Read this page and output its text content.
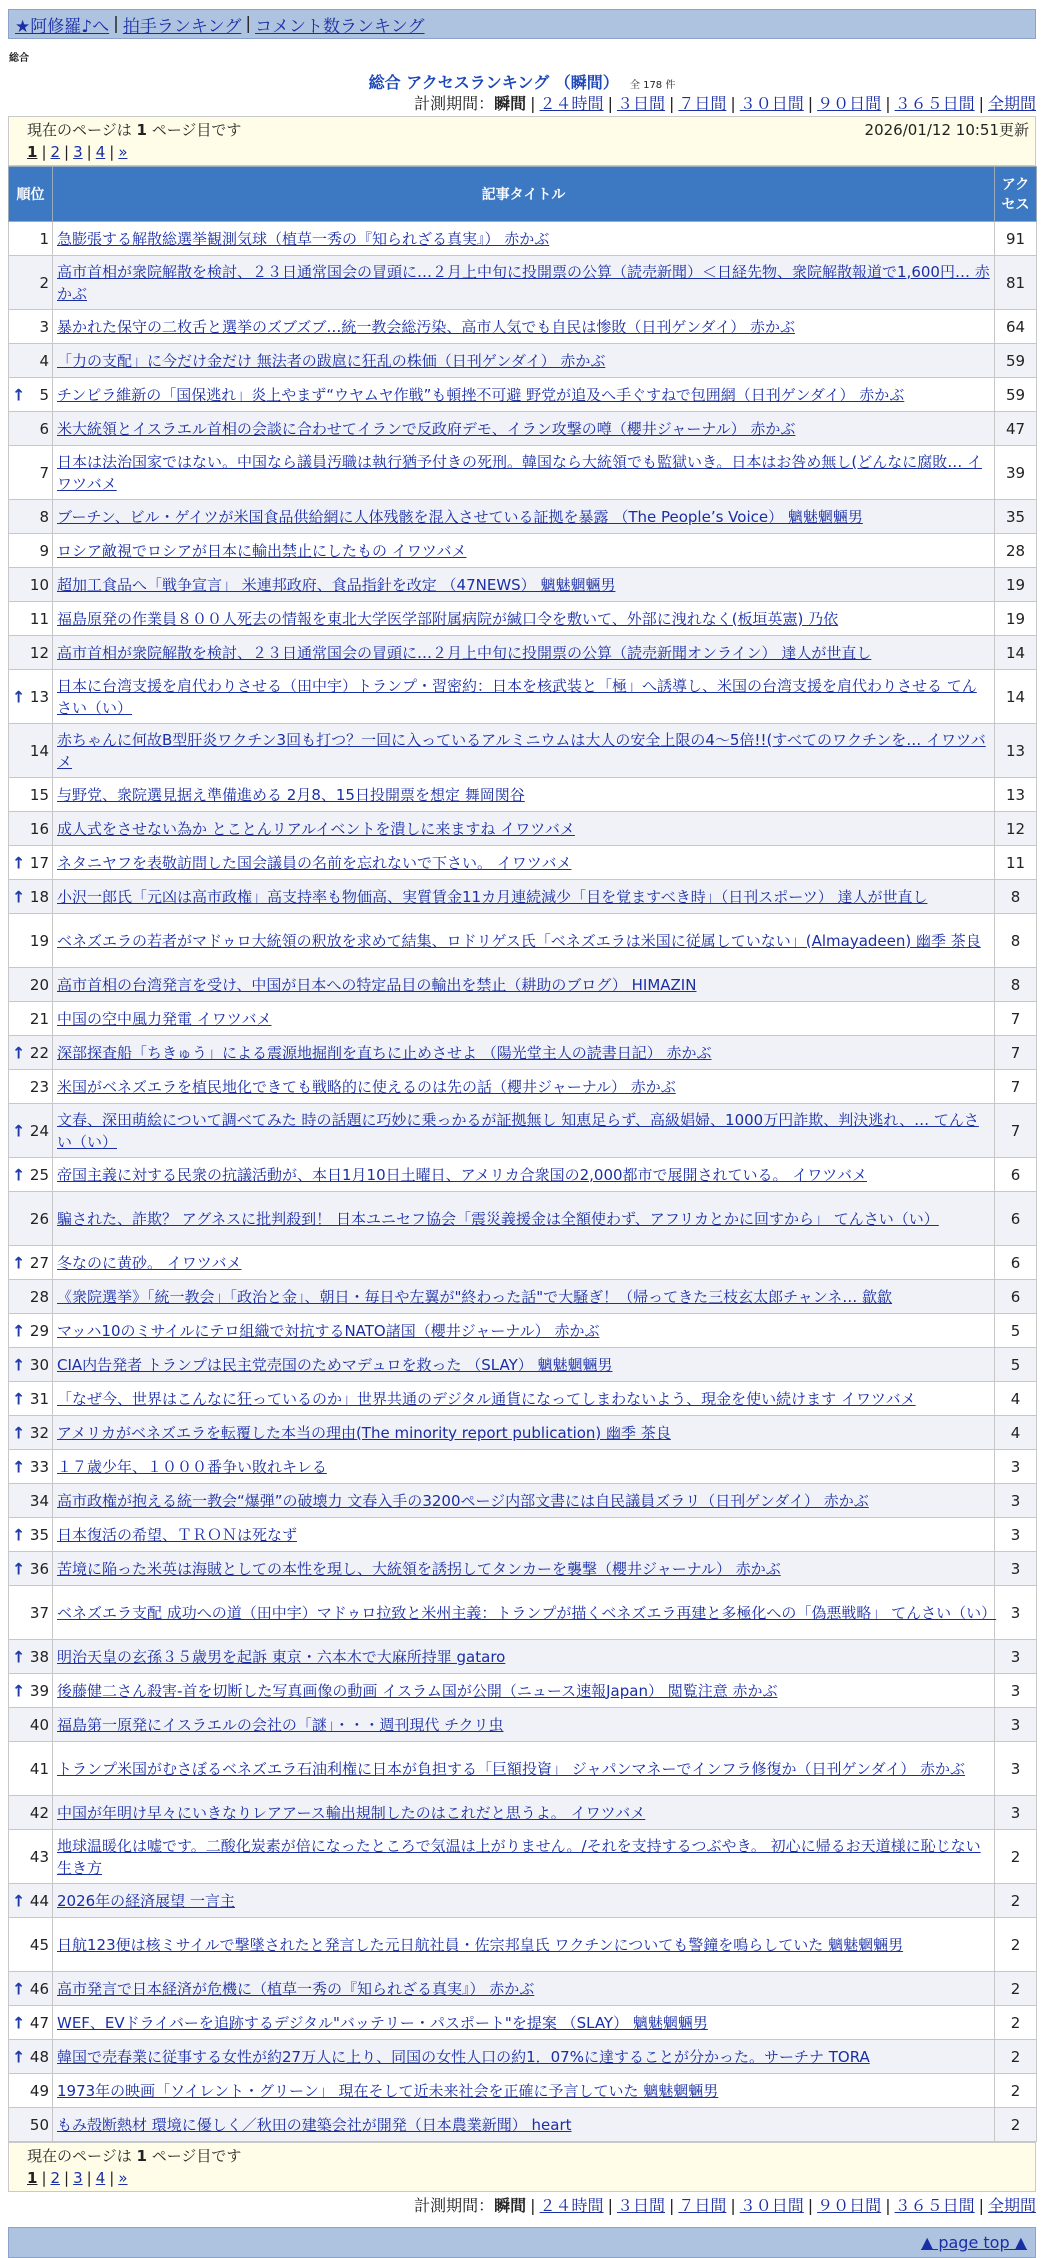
★阿修羅♪へ | 拍手ランキング | コメント数ランキング
総合
総合 アクセスランキング （瞬間） 全 178 件
計測期間：瞬間 | ２４時間 | ３日間 | ７日間 | ３０日間 | ９０日間 | ３６５日間 | 全期間
現在のページは 1 ページ目です	2026/01/12 10:51更新
1 | 2 | 3 | 4 | »
順位	記事タイトル	アクセス
1	急膨張する解散総選挙観測気球（植草一秀の『知られざる真実』） 赤かぶ	91
2	高市首相が衆院解散を検討、２３日通常国会の冒頭に…２月上中旬に投開票の公算（読売新聞）＜日経先物、衆院解散報道で1,600円… 赤かぶ	81
3	暴かれた保守の二枚舌と選挙のズブズブ…統一教会総汚染、高市人気でも自民は惨敗（日刊ゲンダイ） 赤かぶ	64
4	「力の支配」に今だけ金だけ 無法者の跋扈に狂乱の株価（日刊ゲンダイ） 赤かぶ	59

↑ 5	チンピラ維新の「国保逃れ」炎上やまず“ウヤムヤ作戦”も頓挫不可避 野党が追及へ手ぐすねで包囲網（日刊ゲンダイ） 赤かぶ	59
6	米大統領とイスラエル首相の会談に合わせてイランで反政府デモ、イラン攻撃の噂（櫻井ジャーナル） 赤かぶ	47
7	日本は法治国家ではない。中国なら議員汚職は執行猶予付きの死刑。韓国なら大統領でも監獄いき。日本はお咎め無し(どんなに腐敗… イワツバメ	39
8	ブーチン、ビル・ゲイツが米国食品供給網に人体残骸を混入させている証拠を暴露 （The People’s Voice） 魑魅魍魎男	35
9	ロシア敵視でロシアが日本に輸出禁止にしたもの イワツバメ	28
10	超加工食品へ「戦争宣言」 米連邦政府、食品指針を改定 （47NEWS） 魑魅魍魎男	19
11	福島原発の作業員８００人死去の情報を東北大学医学部附属病院が緘口令を敷いて、外部に洩れなく(板垣英憲) 乃依	19
12	高市首相が衆院解散を検討、２３日通常国会の冒頭に…２月上中旬に投開票の公算（読売新聞オンライン） 達人が世直し	14

↑ 13	日本に台湾支援を肩代わりさせる（田中宇）トランプ・習密約：日本を核武装と「極」へ誘導し、米国の台湾支援を肩代わりさせる てんさい（い）	14
14	赤ちゃんに何故B型肝炎ワクチン3回も打つ？一回に入っているアルミニウムは大人の安全上限の4～5倍!!(すべてのワクチンを… イワツバメ	13
15	与野党、衆院選見据え準備進める 2月8、15日投開票を想定 舞岡関谷	13
16	成人式をさせない為か とことんリアルイベントを潰しに来ますね イワツバメ	12

↑ 17	ネタニヤフを表敬訪問した国会議員の名前を忘れないで下さい。 イワツバメ	11

↑ 18	小沢一郎氏「元凶は高市政権」高支持率も物価高、実質賃金11カ月連続減少「目を覚ますべき時」（日刊スポーツ） 達人が世直し	8
19	ベネズエラの若者がマドゥロ大統領の釈放を求めて結集、ロドリゲス氏「ベネズエラは米国に従属していない」(Almayadeen) 幽季 茶良	8
20	高市首相の台湾発言を受け、中国が日本への特定品目の輸出を禁止（耕助のブログ） HIMAZIN	8
21	中国の空中風力発電 イワツバメ	7

↑ 22	深部探査船「ちきゅう」による震源地掘削を直ちに止めさせよ （陽光堂主人の読書日記） 赤かぶ	7
23	米国がベネズエラを植民地化できても戦略的に使えるのは先の話（櫻井ジャーナル） 赤かぶ	7

↑ 24	文春、深田萌絵について調べてみた 時の話題に巧妙に乗っかるが証拠無し 知恵足らず、高級娼婦、1000万円詐欺、判決逃れ、… てんさい（い）	7

↑ 25	帝国主義に対する民衆の抗議活動が、本日1月10日土曜日、アメリカ合衆国の2,000都市で展開されている。 イワツバメ	6
26	騙された、詐欺？ アグネスに批判殺到！ 日本ユニセフ協会「震災義援金は全額使わず、アフリカとかに回すから」 てんさい（い）	6

↑ 27	冬なのに黄砂。 イワツバメ	6
28	《衆院選挙》「統一教会」「政治と金」、朝日・毎日や左翼が"終わった話"で大騒ぎ！（帰ってきた三枝玄太郎チャンネ… 歙歙	6

↑ 29	マッハ10のミサイルにテロ組織で対抗するNATO諸国（櫻井ジャーナル） 赤かぶ	5

↑ 30	CIA内告発者 トランプは民主党売国のためマデュロを救った （SLAY） 魑魅魍魎男	5

↑ 31	「なぜ今、世界はこんなに狂っているのか」世界共通のデジタル通貨になってしまわないよう、現金を使い続けます イワツバメ	4

↑ 32	アメリカがベネズエラを転覆した本当の理由(The minority report publication) 幽季 茶良	4

↑ 33	１７歳少年、１０００番争い敗れキレる	3
34	高市政権が抱える統一教会“爆弾”の破壊力 文春入手の3200ページ内部文書には自民議員ズラリ（日刊ゲンダイ） 赤かぶ	3

↑ 35	日本復活の希望、ＴＲＯＮは死なず	3

↑ 36	苦境に陥った米英は海賊としての本性を現し、大統領を誘拐してタンカーを襲撃（櫻井ジャーナル） 赤かぶ	3
37	ベネズエラ支配 成功への道（田中宇）マドゥロ拉致と米州主義：トランプが描くベネズエラ再建と多極化への「偽悪戦略」 てんさい（い）	3

↑ 38	明治天皇の玄孫３５歳男を起訴 東京・六本木で大麻所持罪 gataro	3

↑ 39	後藤健二さん殺害-首を切断した写真画像の動画 イスラム国が公開（ニュース速報Japan） 閲覧注意 赤かぶ	3
40	福島第一原発にイスラエルの会社の「謎」・・・週刊現代 チクリ虫	3
41	トランプ米国がむさぼるベネズエラ石油利権に日本が負担する「巨額投資」 ジャパンマネーでインフラ修復か（日刊ゲンダイ） 赤かぶ	3
42	中国が年明け早々にいきなりレアアース輸出規制したのはこれだと思うよ。 イワツバメ	3
43	地球温暖化は嘘です。二酸化炭素が倍になったところで気温は上がりません。/それを支持するつぶやき。 初心に帰るお天道様に恥じない生き方	2

↑ 44	2026年の経済展望 一言主	2
45	日航123便は核ミサイルで撃墜されたと発言した元日航社員・佐宗邦皇氏 ワクチンについても警鐘を鳴らしていた 魑魅魍魎男	2

↑ 46	高市発言で日本経済が危機に（植草一秀の『知られざる真実』） 赤かぶ	2

↑ 47	WEF、EVドライバーを追跡するデジタル"バッテリー・パスポート"を提案 （SLAY） 魑魅魍魎男	2

↑ 48	韓国で売春業に従事する女性が約27万人に上り、同国の女性人口の約1．07%に達することが分かった。サーチナ TORA	2
49	1973年の映画「ソイレント・グリーン」 現在そして近未来社会を正確に予言していた 魑魅魍魎男	2
50	もみ殻断熱材 環境に優しく／秋田の建築会社が開発（日本農業新聞） heart	2
現在のページは 1 ページ目です
1 | 2 | 3 | 4 | »
計測期間：瞬間 | ２４時間 | ３日間 | ７日間 | ３０日間 | ９０日間 | ３６５日間 | 全期間
▲ page top ▲
